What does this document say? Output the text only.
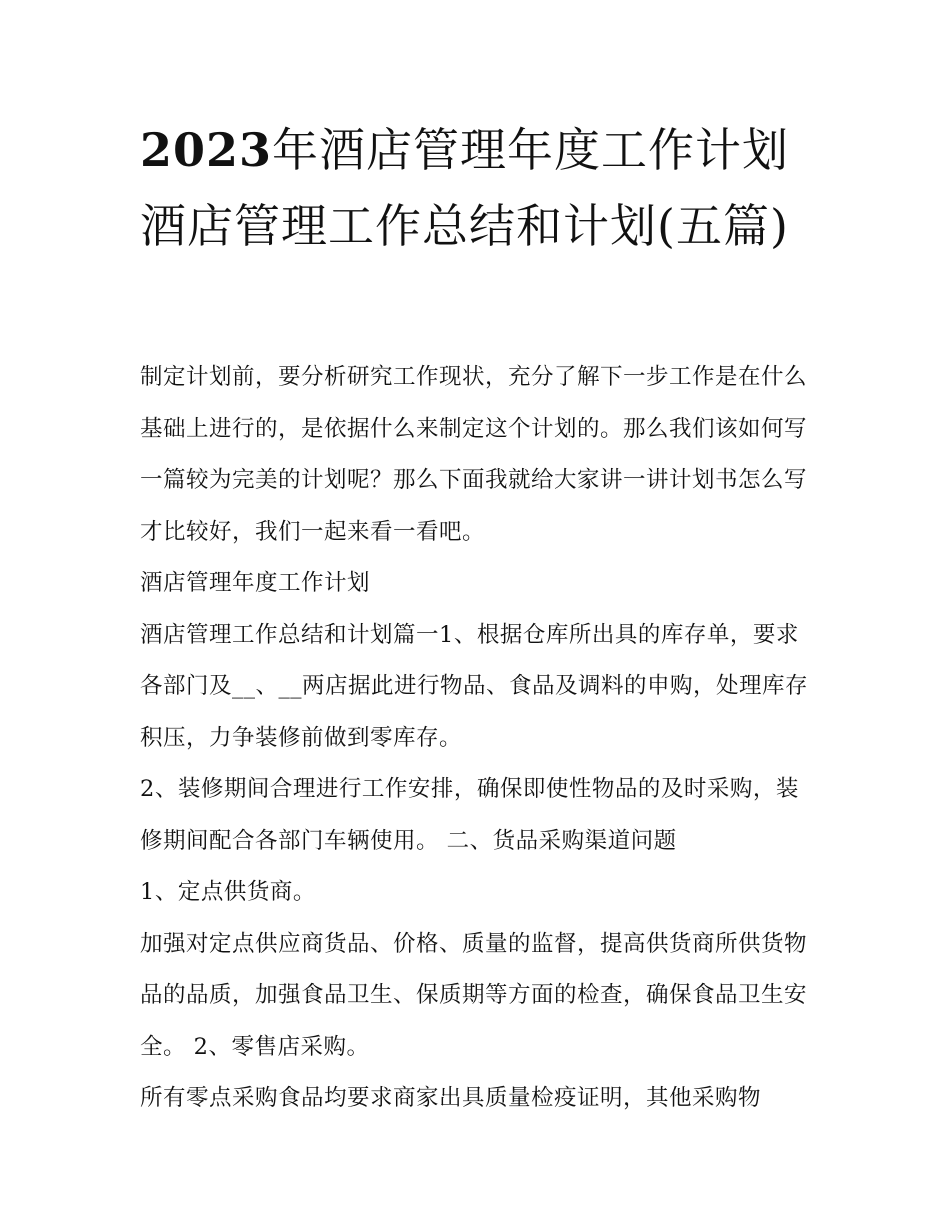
2023年酒店管理年度工作计划酒店管理工作总结和计划(五篇)

制定计划前，要分析研究工作现状，充分了解下一步工作是在什么基础上进行的，是依据什么来制定这个计划的。那么我们该如何写一篇较为完美的计划呢？那么下面我就给大家讲一讲计划书怎么写才比较好，我们一起来看一看吧。

酒店管理年度工作计划

酒店管理工作总结和计划篇一1、根据仓库所出具的库存单，要求各部门及__、__两店据此进行物品、食品及调料的申购，处理库存积压，力争装修前做到零库存。

2、装修期间合理进行工作安排，确保即使性物品的及时采购，装修期间配合各部门车辆使用。 二、货品采购渠道问题

1、定点供货商。

加强对定点供应商货品、价格、质量的监督，提高供货商所供货物品的品质，加强食品卫生、保质期等方面的检查，确保食品卫生安全。 2、零售店采购。

所有零点采购食品均要求商家出具质量检疫证明，其他采购物
